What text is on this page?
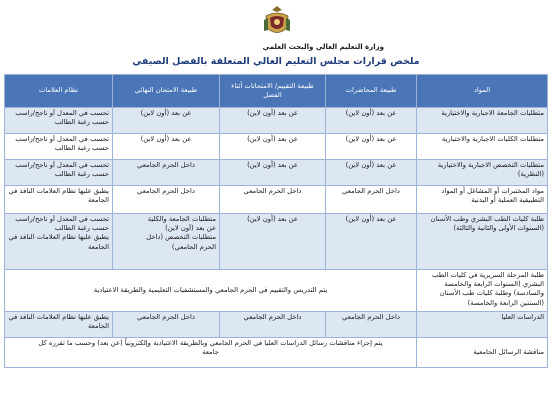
وزارة التعليم العالي والبحث العلمي
ملخص قرارات مجلس التعليم العالي المتعلقة بالفصل الصيفي
المواد	طبيعة المحاضرات	طبيعة التقييم/ الامتحانات أثناء الفصل	طبيعة الامتحان النهائي	نظام العلامات
متطلبات الجامعة الاجبارية والاختيارية	عن بعد (أون لاين)	عن بعد (أون لاين)	عن بعد (أون لاين)	تحسب في المعدل أو ناجح/راسب
حسب رغبة الطالب

متطلبات الكليات الاجبارية والاختيارية	عن بعد (أون لاين)	عن بعد (أون لاين)	عن بعد (أون لاين)	تحسب في المعدل أو ناجح/راسب
حسب رغبة الطالب

متطلبات التخصص الاجبارية والاختيارية (النظرية)	عن بعد (أون لاين)	عن بعد (أون لاين)	داخل الحرم الجامعي	تحسب في المعدل أو ناجح/راسب
حسب رغبة الطالب

مواد المختبرات أو المشاغل أو المواد التطبيقية العملية أو البدنية	داخل الحرم الجامعي	داخل الحرم الجامعي	داخل الحرم الجامعي	يطبق عليها نظام العلامات النافذ في
الجامعة

طلبة كليات الطب البشري وطب الأسنان (السنوات الأولى والثانية والثالثة)	عن بعد (أون لاين)	عن بعد (أون لاين)	متطلبات الجامعة والكلية
عن بعد (أون لاين)
متطلبات التخصص (داخل
الحرم الجامعي)	تحسب في المعدل أو ناجح/راسب
حسب رغبة الطالب
يطبق عليها نظام العلامات النافذ في
الجامعة

طلبة المرحلة السريرية في كليات الطب البشري (السنوات الرابعة والخامسة والسادسة) وطلبة كليات طب الأسنان (السنتين الرابعة والخامسة)	يتم التدريس والتقييم في الحرم الجامعي والمستشفيات التعليمية والطريقة الاعتيادية			
الدراسات العليا	داخل الحرم الجامعي	داخل الحرم الجامعي	داخل الحرم الجامعي	يطبق عليها نظام العلامات النافذ في
الجامعة

مناقشة الرسائل الجامعية	يتم إجراء مناقشات رسائل الدراسات العليا في الحرم الجامعي وبالطريقة الاعتيادية وإلكترونياً (عن بعد) وحسب ما تقرره كل
جامعة			
